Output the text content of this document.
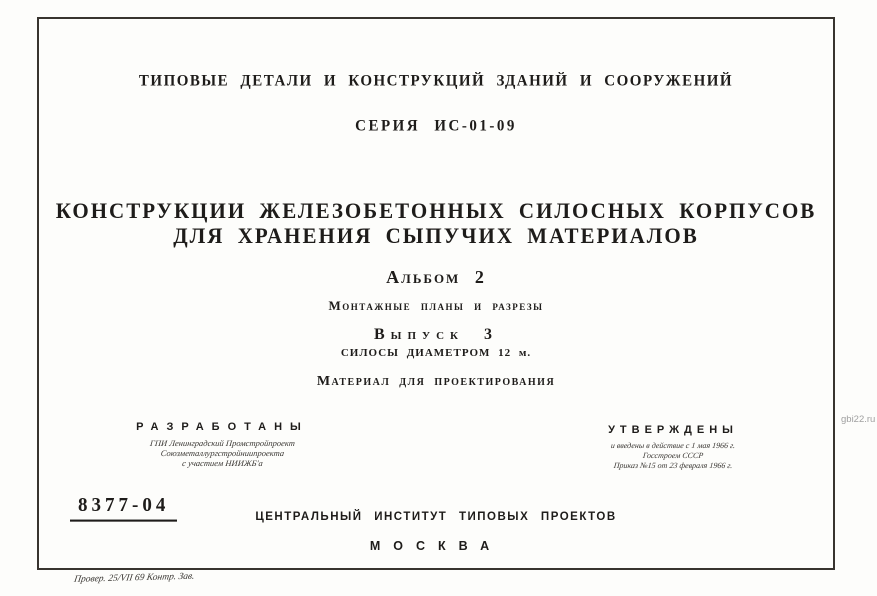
ТИПОВЫЕ ДЕТАЛИ И КОНСТРУКЦИЙ ЗДАНИЙ И СООРУЖЕНИЙ
СЕРИЯ ИС-01-09
КОНСТРУКЦИИ ЖЕЛЕЗОБЕТОННЫХ СИЛОСНЫХ КОРПУСОВ
ДЛЯ ХРАНЕНИЯ СЫПУЧИХ МАТЕРИАЛОВ
Альбом 2
Монтажные планы и разрезы
Выпуск 3
СИЛОСЫ ДИАМЕТРОМ 12 м.
Материал для проектирования
РАЗРАБОТАНЫ
ГПИ Ленинградский Промстройпроект
Союзметаллургстройниипроекта
с участием НИИЖБ'а
УТВЕРЖДЕНЫ
и введены в действие с 1 мая 1966 г.
Госстроем СССР
Приказ №15 от 23 февраля 1966 г.
8377-04
ЦЕНТРАЛЬНЫЙ ИНСТИТУТ ТИПОВЫХ ПРОЕКТОВ
МОСКВА
Провер. 25/VII 69 Контр. Зав.
gbi22.ru
